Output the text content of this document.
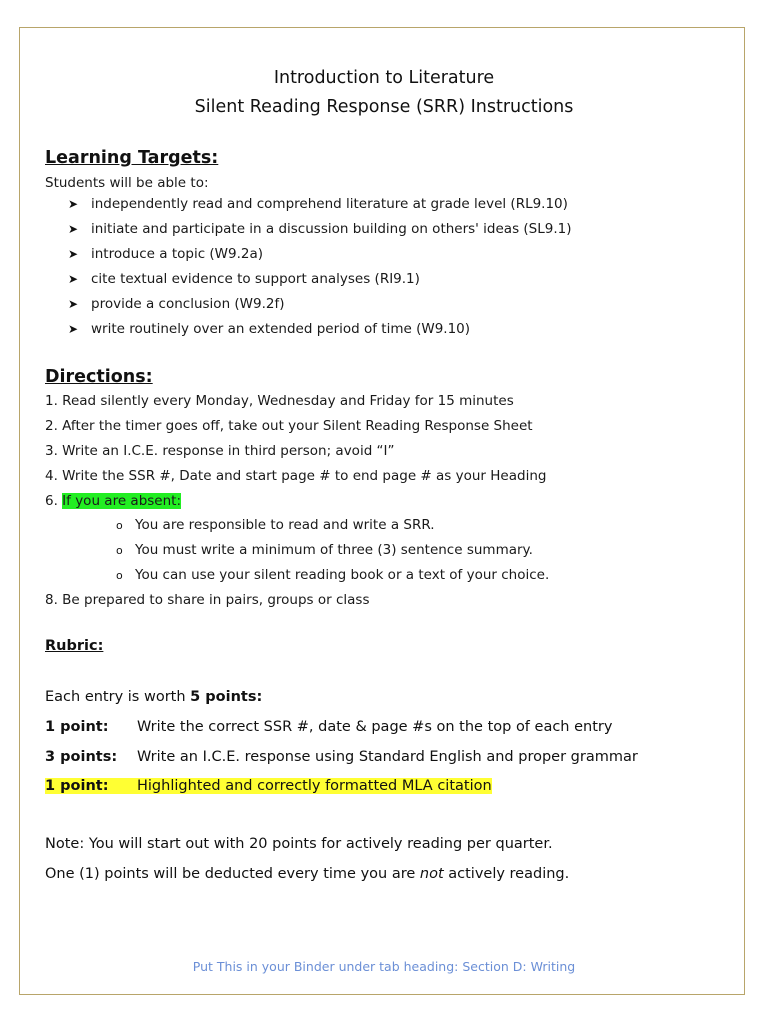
Introduction to Literature
Silent Reading Response (SRR) Instructions
Learning Targets:
Students will be able to:
➤ independently read and comprehend literature at grade level (RL9.10)
➤ initiate and participate in a discussion building on others' ideas (SL9.1)
➤ introduce a topic (W9.2a)
➤ cite textual evidence to support analyses (RI9.1)
➤ provide a conclusion (W9.2f)
➤ write routinely over an extended period of time (W9.10)
Directions:
1. Read silently every Monday, Wednesday and Friday for 15 minutes
2. After the timer goes off, take out your Silent Reading Response Sheet
3. Write an I.C.E. response in third person; avoid “I”
4. Write the SSR #, Date and start page # to end page # as your Heading
6. If you are absent:
o You are responsible to read and write a SRR.
o You must write a minimum of three (3) sentence summary.
o You can use your silent reading book or a text of your choice.
8. Be prepared to share in pairs, groups or class
Rubric:
Each entry is worth 5 points:
1 point: Write the correct SSR #, date & page #s on the top of each entry
3 points: Write an I.C.E. response using Standard English and proper grammar
1 point: Highlighted and correctly formatted MLA citation
Note: You will start out with 20 points for actively reading per quarter.
One (1) points will be deducted every time you are not actively reading.
Put This in your Binder under tab heading: Section D: Writing
